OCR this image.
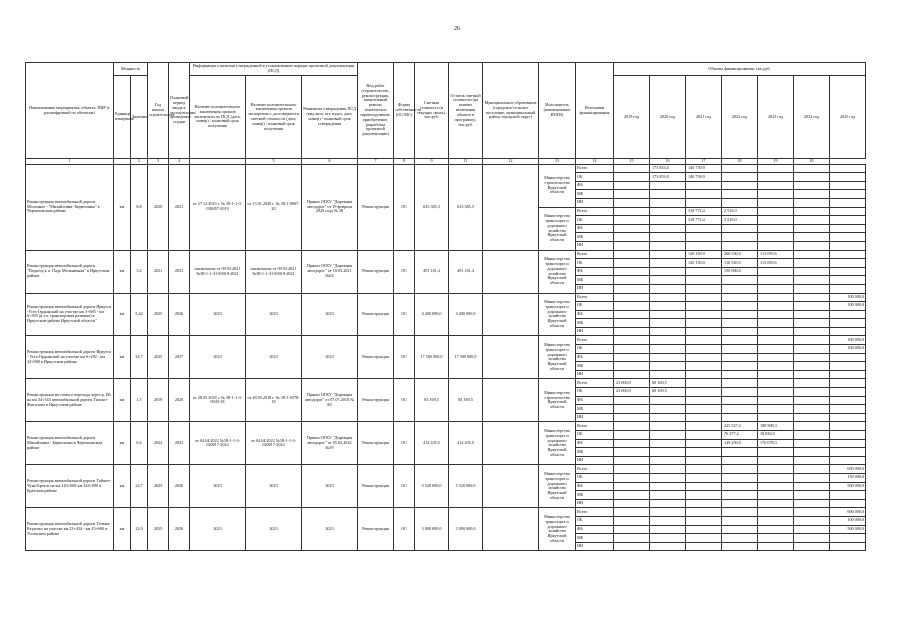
26
Наименование мероприятия, объекта, ПИР (с расшифровкой по объектам)	Мощность		Год начала строительства	Плановый период ввода в эксплуатацию/проведения стадии	Информация о наличии утвержденной в установленном порядке проектной документации (ПСД)			Вид работ (строительство, реконструкция, капитальный ремонт, техническое перевооружение, приобретение, разработка проектной документации)	Форма собственности (ОС/МС)	Сметная стоимость (в текущих ценах), тыс.руб.	Остаток сметной стоимости (на момент включения объекта в программу), тыс.руб.	Муниципальное образование (городское/сельское поселение, муниципальный район, городской округ)	Исполнитель (наименование ИОГВ)	Источники финансирования	Объемы финансирования, тыс.руб.						
	Единица измерения	Значение			Наличие положительного заключения органов экспертизы по ПСД (дата, номер) / плановый срок получения	Наличие положительного заключения органов экспертизы о достоверности сметной стоимости (дата, номер) / плановый срок получения	Реквизиты утверждения ПСД (вид акта, кто издал, дата, номер) / плановый срок утверждения								2019 год	2020 год	2021 год	2022 год	2023 год	2024 год	2025 год
1		2	3	4		5	6	7	8	9	11	12	13	14	15	16	17	18	19	20	
Реконструкция автомобильной дороги Молочное - "Михайловка -Бирюсинка" в Черемховском районе	км	8,8	2020	2021	от 27.12.2019 г. № 38-1-1-3-038457-2019	от 13.01.2020 г. № 38-1-0007-20	Приказ ОГКУ "Дирекция автодорог" от 19 февраля 2020 года № 38	Реконструкция	ОС	633 365,3	633 365,3		Министерство строительства Иркутской области	Всего		173 853,0	140 739,9				
														ОБ		173 853,0	140 739,9				
														ФБ							
														МБ							
														ИИ							
													Министерство транспорта и дорожного хозяйства Иркутской области	Всего			318 772,4	2 516,0			
														ОБ			318 772,4	2 516,0			
														ФБ							
														МБ							
														ИИ							
Реконструкция автомобильной дороги "Подъезд к п. Падь Мельничная" в Иркутском районе	км	3,2	2021	2023	заключение от 09.03.2021 №38-1-1-3-010019-2021	заключение от 09.03.2021 №38-1-1-3-010019-2021	Приказ ОГКУ "Дирекция автодорог" от 10.03.2021 №62	Реконструкция	ОС	491 161,4	491 161,4		Министерство транспорта и дорожного хозяйства Иркутской области	Всего			120 150,0	266 530,0	113 059,6		
														ОБ			120 150,0	116 530,0	113 059,6		
														ФБ				150 000,0			
														МБ							
														ИИ							
Реконструкция автомобильной дороги Иркутск -Усть-Ордынский на участке км 5+685 - км 6+395 (в т.ч. транспортная развязка) в Иркутском районе Иркутской области"	км	5,42	2025	2026	2023	2023	2023	Реконструкция	ОС	4 200 000,0	4 200 000,0		Министерство транспорта и дорожного хозяйства Иркутской области	Всего							100 000,0
														ОБ							100 000,0
														ФБ							
														МБ							
														ИИ							
Реконструкция автомобильной дороги Иркутск - Усть-Ордынский на участке км 6+292 - км 34+000 в Иркутском районе	км	24,7	2025	2027	2023	2023	2023	Реконструкция	ОС	17 500 000,0	17 500 000,0		Министерство транспорта и дорожного хозяйства Иркутской области	Всего							100 000,0
														ОБ							100 000,0
														ФБ							
														МБ							
														ИИ							
Реконструкция мостового перехода через р. Ей на км 34+343 автомобильной дороги Тихоно-Жигалово в Иркутском районе	км	1,5	2019	2020	от 28.05.2018 г. № 38-1-1-3-0043-18	от 28.05.2018 г. № 38-1-0378-18	Приказ ОГКУ "Дирекция автодорог" от 07.07.2018 № 80	Реконструкция	ОС	83 169,5	83 169,5		Министерство строительства Иркутской области	Всего	23 000,0	60 169,5					
														ОБ	23 000,0	60 169,5					
														ФБ							
														МБ							
														ИИ							
Реконструкция автомобильной дороги Михайловка - Бирюсинка в Черемховском районе	км	6,4	2022	2023	от 04.04.2022 №38-1-1-3-020017-2022	от 04.04.2022 №38-1-1-3-020017-2022	Приказ ОГКУ "Дирекция автодорог" от 05.04.2022 №59	Реконструкция	ОС	414 435,5	414 435,5		Министерство транспорта и дорожного хозяйства Иркутской области	Всего				225 527,2	188 908,3		
														ОБ				76 277,2	18 830,0		
														ФБ				149 250,0	170 078,3		
														МБ							
														ИИ							
Реконструкция автомобильной дороги Тайшет-Чуна-Братск на км 220+000-км 244+090 в Братском районе	км	24,7	2025	2026	2023	2023	2023	Реконструкция	ОС	5 520 000,0	5 520 000,0		Министерство транспорта и дорожного хозяйства Иркутской области	Всего							650 000,0
														ОБ							150 000,0
														ФБ							500 000,0
														МБ							
														ИИ							
Реконструкция автомобильной дороги Тельма-Раздолье на участке км 23+434 - км 45+600 в Усольском районе	км	22,0	2025	2026	2023	2023	2023	Реконструкция	ОС	3 000 000,0	3 000 000,0		Министерство транспорта и дорожного хозяйства Иркутской области	Всего							600 000,0
														ОБ							100 000,0
														ФБ							500 000,0
														МБ							
														ИИ							
